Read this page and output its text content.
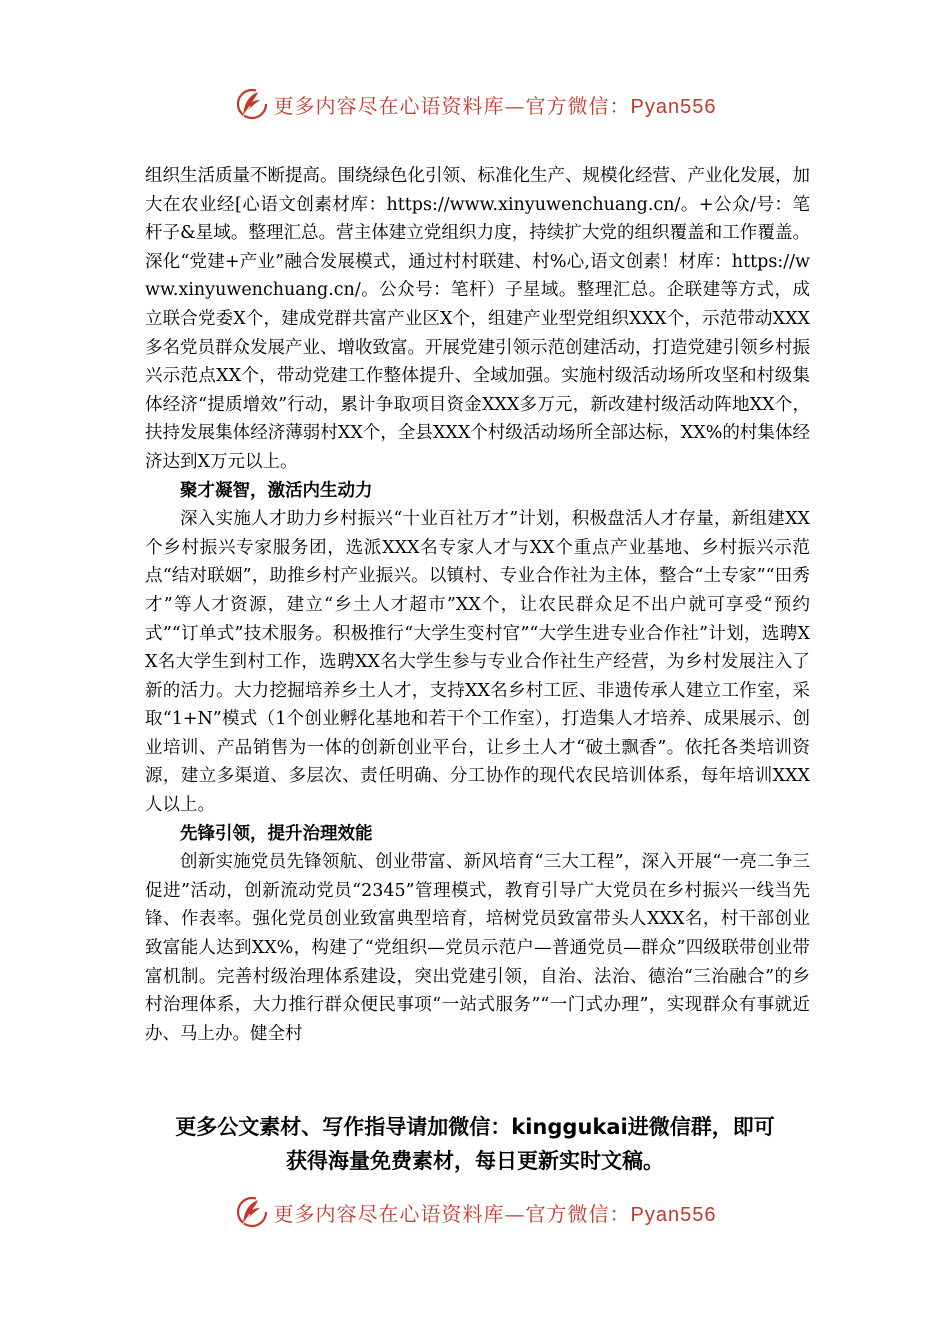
更多内容尽在心语资料库—官方微信：Pyan556

组织生活质量不断提高。围绕绿色化引领、标准化生产、规模化经营、产业化发展，加大在农业经[心语文创素材库：https://www.xinyuwenchuang.cn/。+公众/号：笔杆子&星域。整理汇总。营主体建立党组织力度，持续扩大党的组织覆盖和工作覆盖。深化“党建+产业”融合发展模式，通过村村联建、村%心,语文创素！材库：https://www.xinyuwenchuang.cn/。公众号：笔杆）子星域。整理汇总。企联建等方式，成立联合党委X个，建成党群共富产业区X个，组建产业型党组织XXX个，示范带动XXX多名党员群众发展产业、增收致富。开展党建引领示范创建活动，打造党建引领乡村振兴示范点XX个，带动党建工作整体提升、全域加强。实施村级活动场所攻坚和村级集体经济“提质增效”行动，累计争取项目资金XXX多万元，新改建村级活动阵地XX个，扶持发展集体经济薄弱村XX个，全县XXX个村级活动场所全部达标，XX%的村集体经济达到X万元以上。

聚才凝智，激活内生动力

深入实施人才助力乡村振兴“十业百社万才”计划，积极盘活人才存量，新组建XX个乡村振兴专家服务团，选派XXX名专家人才与XX个重点产业基地、乡村振兴示范点“结对联姻”，助推乡村产业振兴。以镇村、专业合作社为主体，整合“土专家”“田秀才”等人才资源，建立“乡土人才超市”XX个，让农民群众足不出户就可享受“预约式”“订单式”技术服务。积极推行“大学生变村官”“大学生进专业合作社”计划，选聘XX名大学生到村工作，选聘XX名大学生参与专业合作社生产经营，为乡村发展注入了新的活力。大力挖掘培养乡土人才，支持XX名乡村工匠、非遗传承人建立工作室，采取“1+N”模式（1个创业孵化基地和若干个工作室），打造集人才培养、成果展示、创业培训、产品销售为一体的创新创业平台，让乡土人才“破土飘香”。依托各类培训资源，建立多渠道、多层次、责任明确、分工协作的现代农民培训体系，每年培训XXX人以上。

先锋引领，提升治理效能

创新实施党员先锋领航、创业带富、新风培育“三大工程”，深入开展“一亮二争三促进”活动，创新流动党员“2345”管理模式，教育引导广大党员在乡村振兴一线当先锋、作表率。强化党员创业致富典型培育，培树党员致富带头人XXX名，村干部创业致富能人达到XX%，构建了“党组织—党员示范户—普通党员—群众”四级联带创业带富机制。完善村级治理体系建设，突出党建引领，自治、法治、德治“三治融合”的乡村治理体系，大力推行群众便民事项“一站式服务”“一门式办理”，实现群众有事就近办、马上办。健全村

更多公文素材、写作指导请加微信：kinggukai进微信群，即可
获得海量免费素材，每日更新实时文稿。
更多内容尽在心语资料库—官方微信：Pyan556
